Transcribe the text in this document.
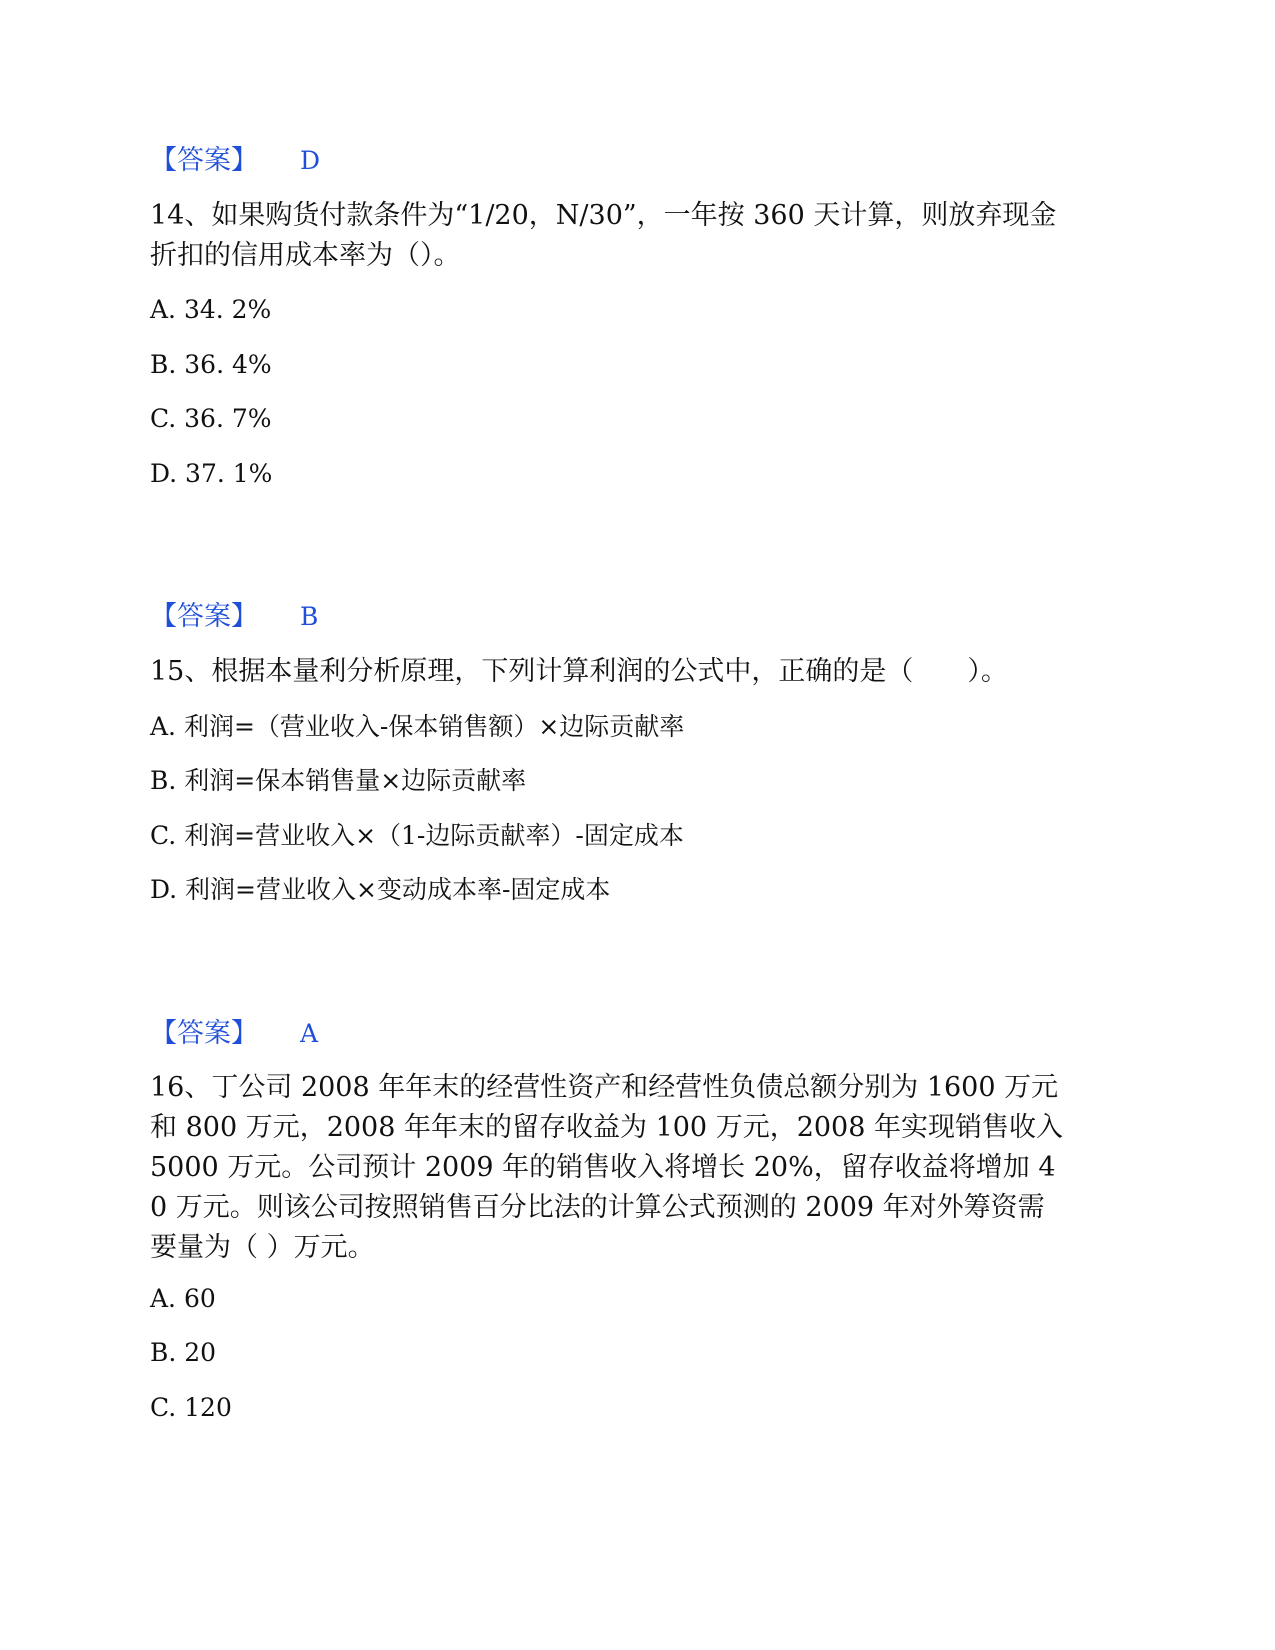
【答案】 D
14、如果购货付款条件为“1/20，N/30”，一年按 360 天计算，则放弃现金折扣的信用成本率为（）。
A. 34. 2%
B. 36. 4%
C. 36. 7%
D. 37. 1%
【答案】 B
15、根据本量利分析原理，下列计算利润的公式中，正确的是（　　）。
A. 利润=（营业收入-保本销售额）×边际贡献率
B. 利润=保本销售量×边际贡献率
C. 利润=营业收入×（1-边际贡献率）-固定成本
D. 利润=营业收入×变动成本率-固定成本
【答案】 A
16、丁公司 2008 年年末的经营性资产和经营性负债总额分别为 1600 万元和 800 万元，2008 年年末的留存收益为 100 万元，2008 年实现销售收入 5000 万元。公司预计 2009 年的销售收入将增长 20%，留存收益将增加 40 万元。则该公司按照销售百分比法的计算公式预测的 2009 年对外筹资需要量为（ ）万元。
A. 60
B. 20
C. 120
